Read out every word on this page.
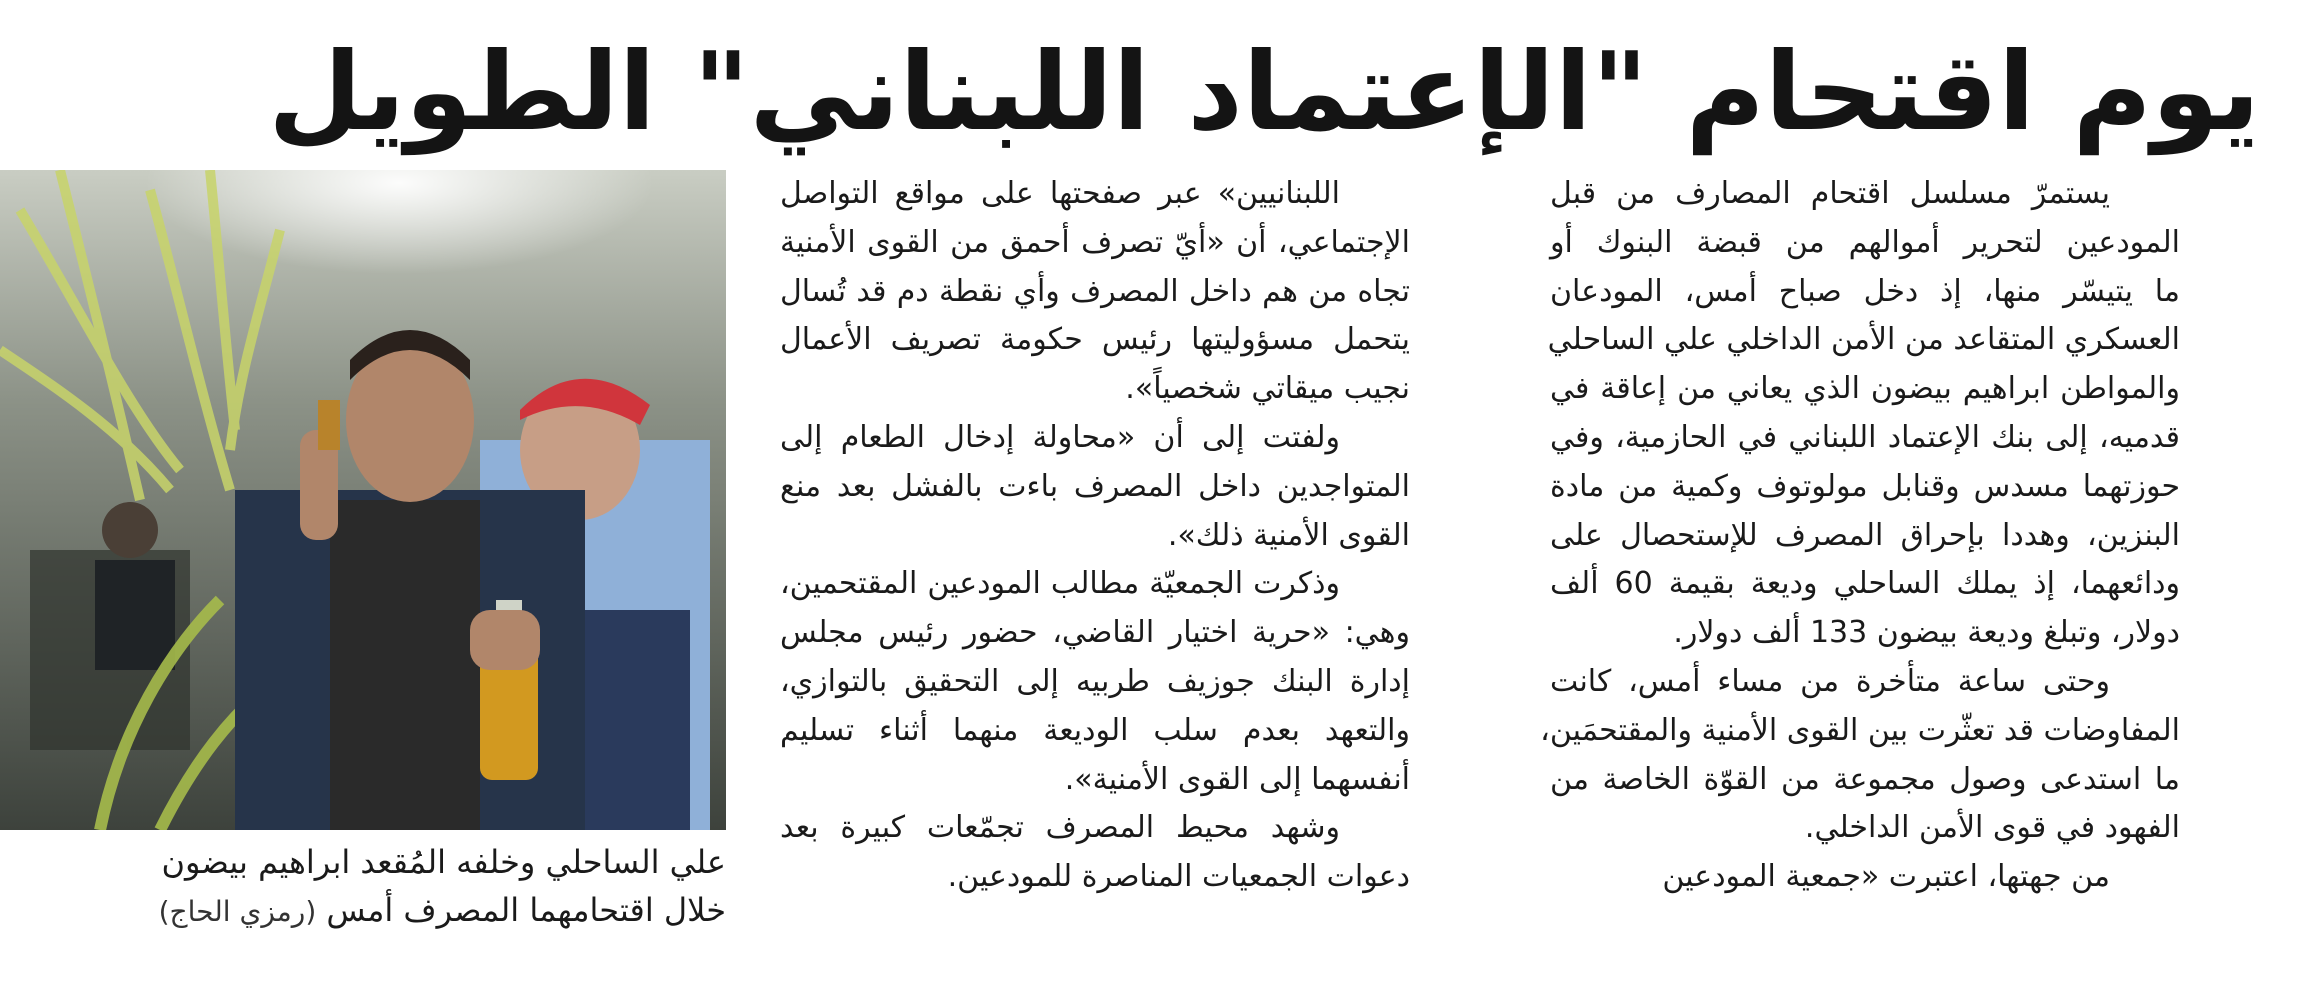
يوم اقتحام "الإعتماد اللبناني" الطويل

يستمرّ مسلسل اقتحام المصارف من قبل
المودعين لتحرير أموالهم من قبضة البنوك أو
ما يتيسّر منها، إذ دخل صباح أمس، المودعان
العسكري المتقاعد من الأمن الداخلي علي الساحلي
والمواطن ابراهيم بيضون الذي يعاني من إعاقة في
قدميه، إلى بنك الإعتماد اللبناني في الحازمية، وفي
حوزتهما مسدس وقنابل مولوتوف وكمية من مادة
البنزين، وهددا بإحراق المصرف للإستحصال على
ودائعهما، إذ يملك الساحلي وديعة بقيمة 60 ألف
دولار، وتبلغ وديعة بيضون 133 ألف دولار.

وحتى ساعة متأخرة من مساء أمس، كانت
المفاوضات قد تعثّرت بين القوى الأمنية والمقتحمَين،
ما استدعى وصول مجموعة من القوّة الخاصة من
الفهود في قوى الأمن الداخلي.

من جهتها، اعتبرت «جمعية المودعين

اللبنانيين» عبر صفحتها على مواقع التواصل
الإجتماعي، أن «أيّ تصرف أحمق من القوى الأمنية
تجاه من هم داخل المصرف وأي نقطة دم قد تُسال
يتحمل مسؤوليتها رئيس حكومة تصريف الأعمال
نجيب ميقاتي شخصياً».

ولفتت إلى أن «محاولة إدخال الطعام إلى
المتواجدين داخل المصرف باءت بالفشل بعد منع
القوى الأمنية ذلك».

وذكرت الجمعيّة مطالب المودعين المقتحمين،
وهي: «حرية اختيار القاضي، حضور رئيس مجلس
إدارة البنك جوزيف طربيه إلى التحقيق بالتوازي،
والتعهد بعدم سلب الوديعة منهما أثناء تسليم
أنفسهما إلى القوى الأمنية».

وشهد محيط المصرف تجمّعات كبيرة بعد
دعوات الجمعيات المناصرة للمودعين.

علي الساحلي وخلفه المُقعد ابراهيم بيضون
خلال اقتحامهما المصرف أمس (رمزي الحاج)
